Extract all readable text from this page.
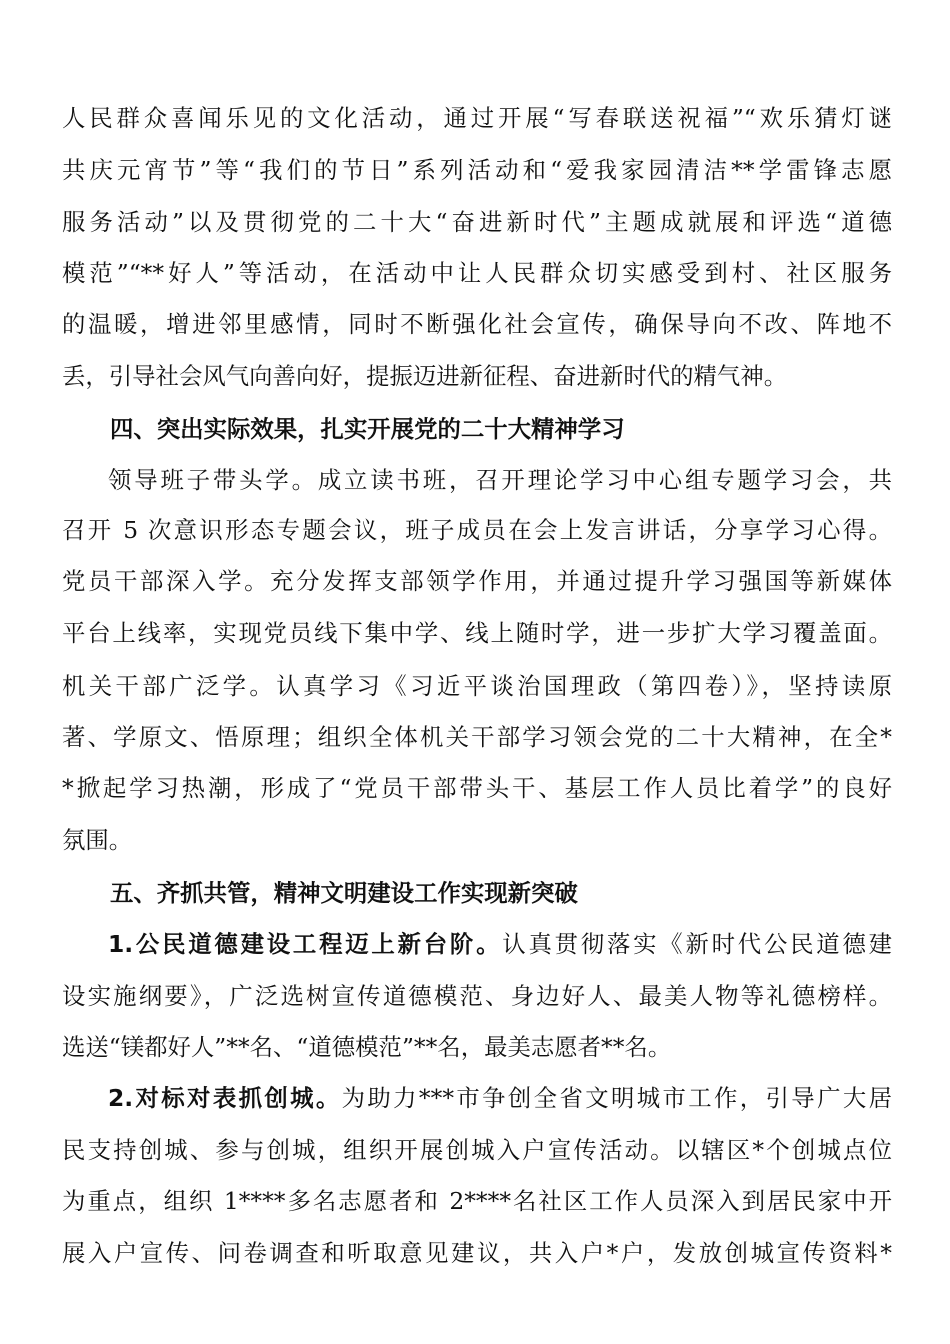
人民群众喜闻乐见的文化活动，通过开展“写春联送祝福”“欢乐猜灯谜
共庆元宵节”等“我们的节日”系列活动和“爱我家园清洁**学雷锋志愿
服务活动”以及贯彻党的二十大“奋进新时代”主题成就展和评选“道德
模范”“**好人”等活动，在活动中让人民群众切实感受到村、社区服务
的温暖，增进邻里感情，同时不断强化社会宣传，确保导向不改、阵地不
丢，引导社会风气向善向好，提振迈进新征程、奋进新时代的精气神。
四、突出实际效果，扎实开展党的二十大精神学习
领导班子带头学。成立读书班，召开理论学习中心组专题学习会，共
召开 5 次意识形态专题会议，班子成员在会上发言讲话，分享学习心得。
党员干部深入学。充分发挥支部领学作用，并通过提升学习强国等新媒体
平台上线率，实现党员线下集中学、线上随时学，进一步扩大学习覆盖面。
机关干部广泛学。认真学习《习近平谈治国理政（第四卷）》，坚持读原
著、学原文、悟原理；组织全体机关干部学习领会党的二十大精神，在全*
*掀起学习热潮，形成了“党员干部带头干、基层工作人员比着学”的良好
氛围。
五、齐抓共管，精神文明建设工作实现新突破
1.公民道德建设工程迈上新台阶。认真贯彻落实《新时代公民道德建
设实施纲要》，广泛选树宣传道德模范、身边好人、最美人物等礼德榜样。
选送“镁都好人”**名、“道德模范”**名，最美志愿者**名。
2.对标对表抓创城。为助力***市争创全省文明城市工作，引导广大居
民支持创城、参与创城，组织开展创城入户宣传活动。以辖区*个创城点位
为重点，组织 1****多名志愿者和 2****名社区工作人员深入到居民家中开
展入户宣传、问卷调查和听取意见建议，共入户*户，发放创城宣传资料*
